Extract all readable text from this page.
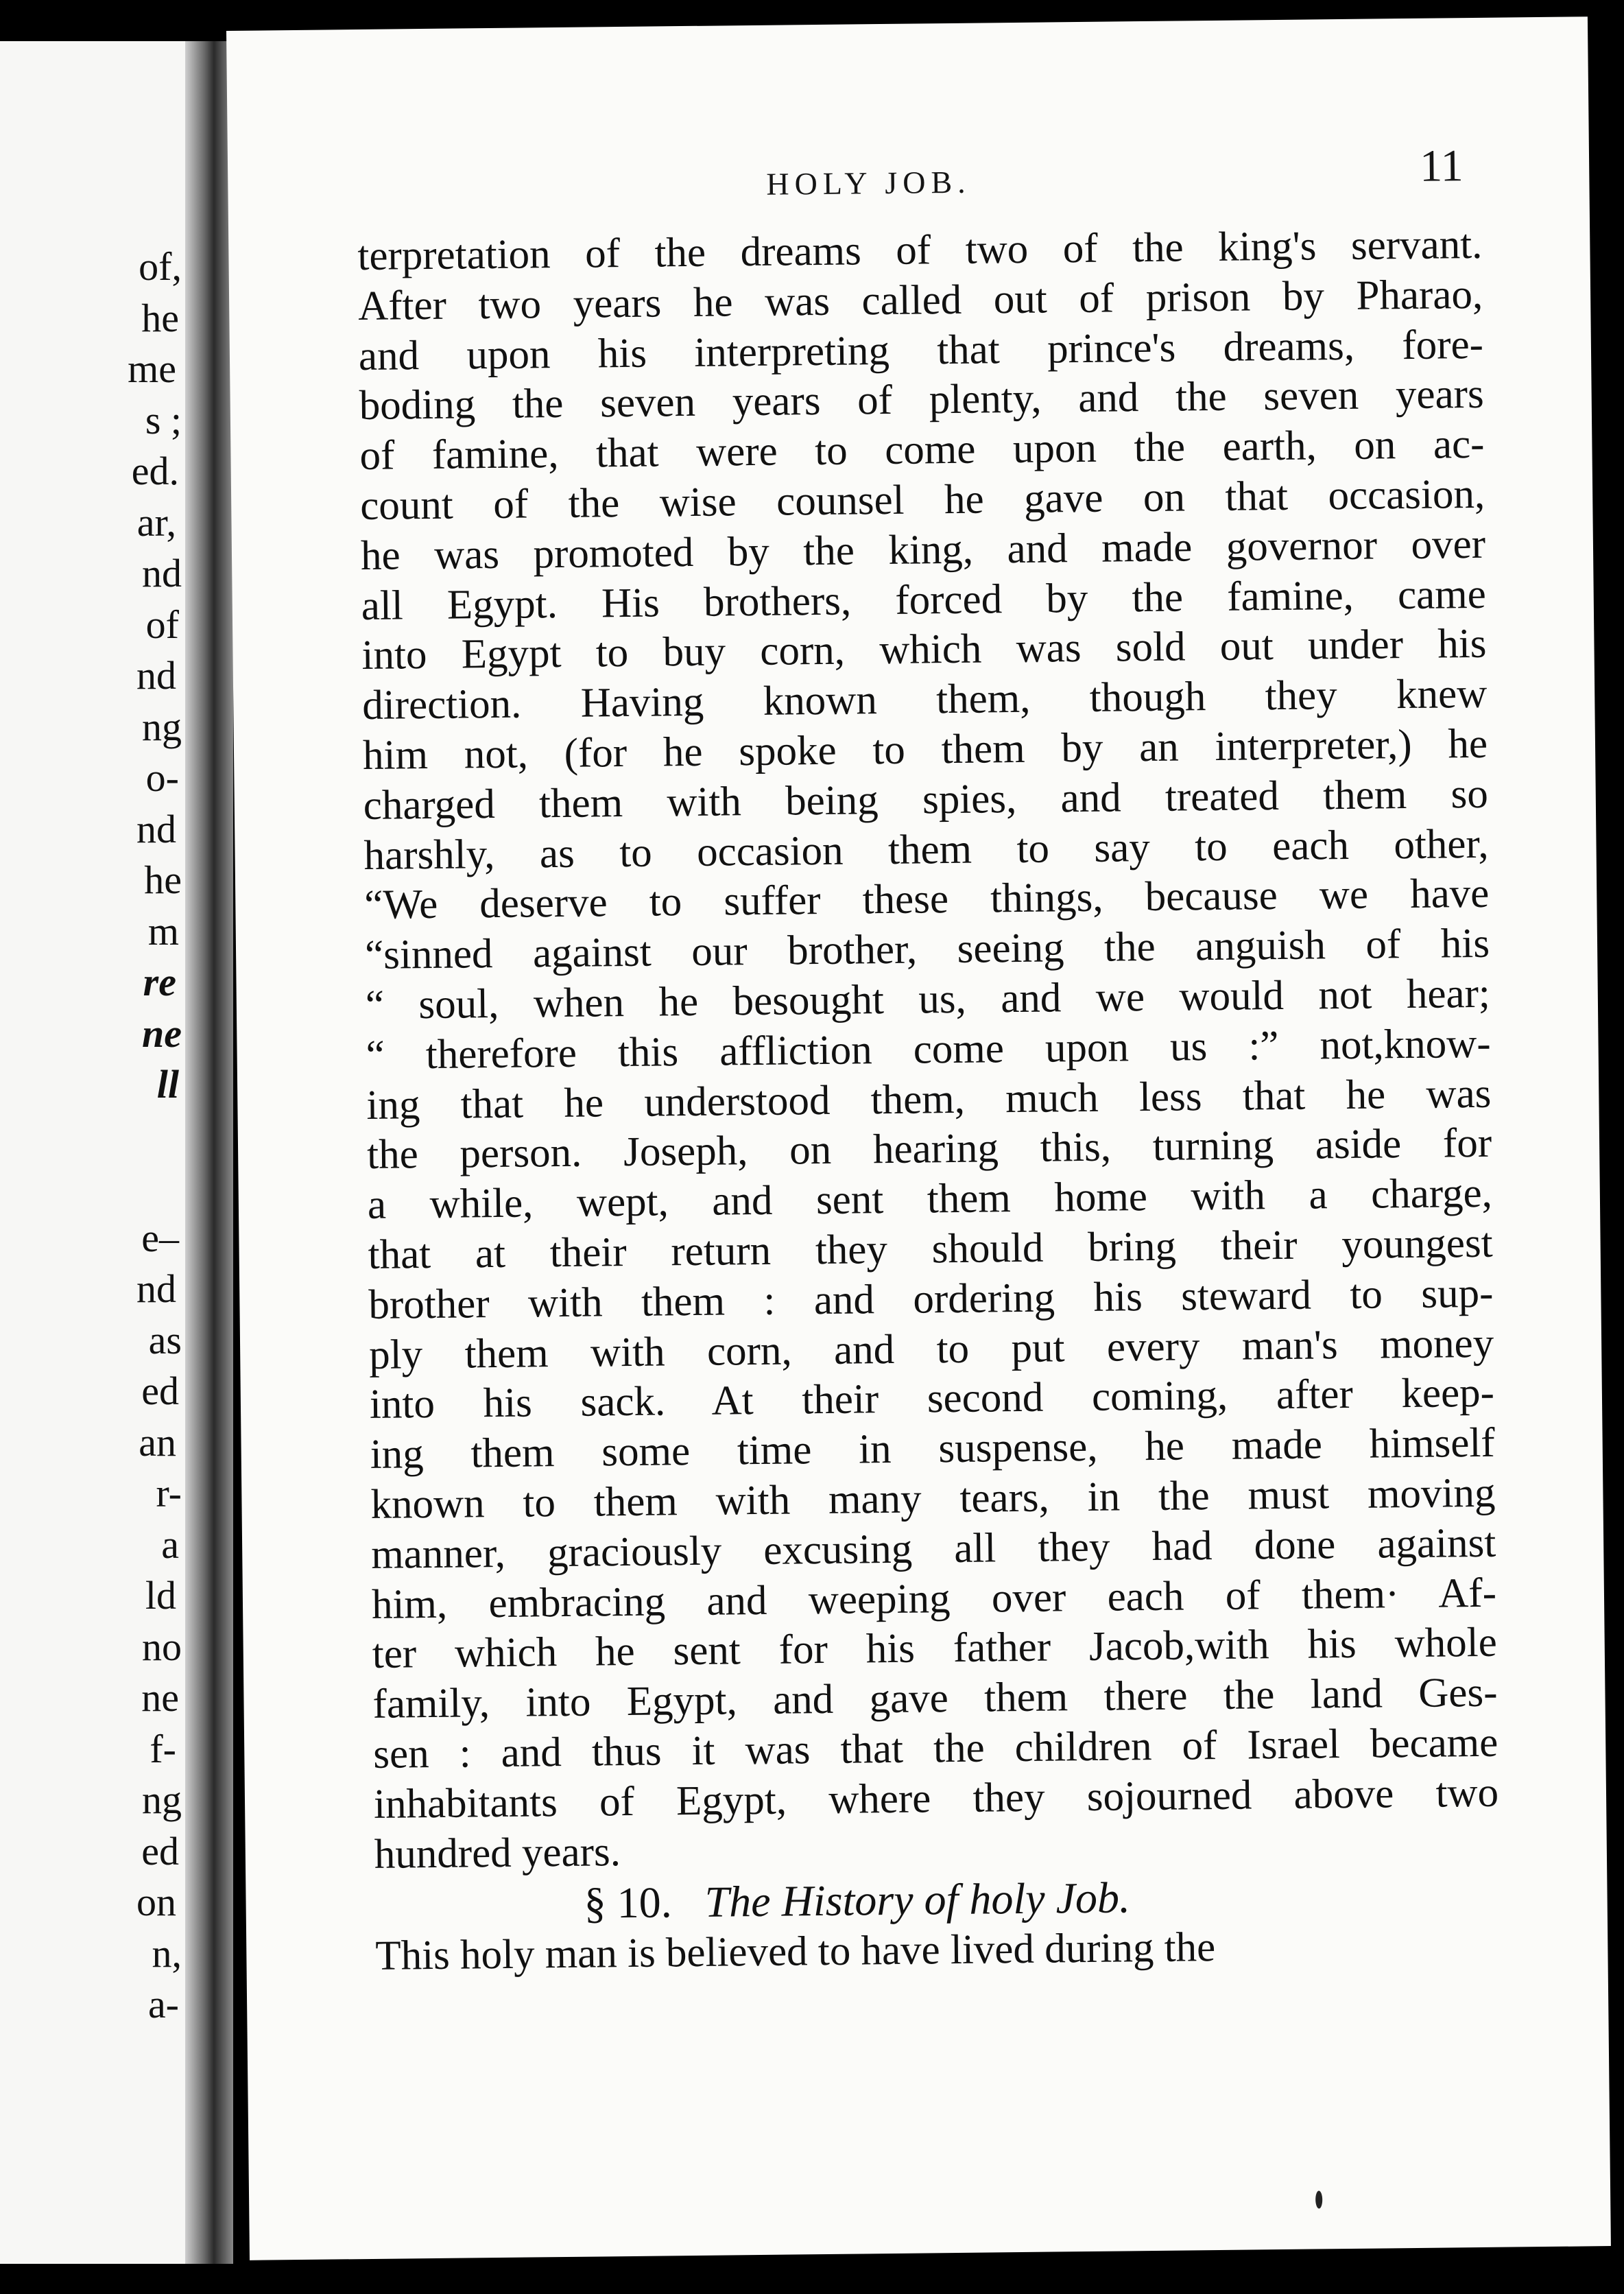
of,
he
me
s ;
ed.
ar,
nd
of
nd
ng
o-
nd
he
m
re
ne
ll
e–
nd
as
ed
an
r-
a
ld
no
ne
f-
ng
ed
on
n,
a-
HOLY JOB.	11
terpretation of the dreams of two of the king's servant.
After two years he was called out of prison by Pharao,
and upon his interpreting that prince's dreams, fore-
boding the seven years of plenty, and the seven years
of famine, that were to come upon the earth, on ac-
count of the wise counsel he gave on that occasion,
he was promoted by the king, and made governor over
all Egypt. His brothers, forced by the famine, came
into Egypt to buy corn, which was sold out under his
direction. Having known them, though they knew
him not, (for he spoke to them by an interpreter,) he
charged them with being spies, and treated them so
harshly, as to occasion them to say to each other,
“We deserve to suffer these things, because we have
“sinned against our brother, seeing the anguish of his
“ soul, when he besought us, and we would not hear;
“ therefore this affliction come upon us :” not,know-
ing that he understood them, much less that he was
the person. Joseph, on hearing this, turning aside for
a while, wept, and sent them home with a charge,
that at their return they should bring their youngest
brother with them : and ordering his steward to sup-
ply them with corn, and to put every man's money
into his sack. At their second coming, after keep-
ing them some time in suspense, he made himself
known to them with many tears, in the must moving
manner, graciously excusing all they had done against
him, embracing and weeping over each of them· Af-
ter which he sent for his father Jacob,with his whole
family, into Egypt, and gave them there the land Ges-
sen : and thus it was that the children of Israel became
inhabitants of Egypt, where they sojourned above two
hundred years.
§ 10. The History of holy Job.
This holy man is believed to have lived during the
